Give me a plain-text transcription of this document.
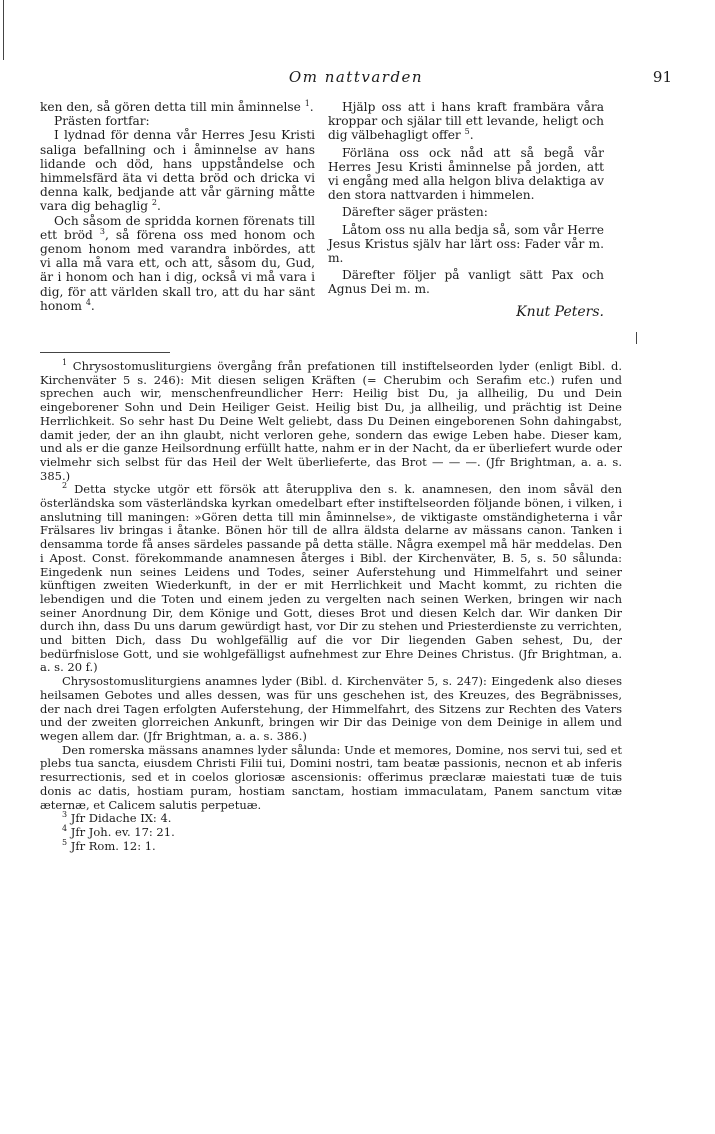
Om nattvarden	91

ken den, så gören detta till min åminnelse $^1$.

Prästen fortfar:

I lydnad för denna vår Herres Jesu Kristi saliga befallning och i åminnelse av hans lidande och död, hans uppståndelse och himmelsfärd äta vi detta bröd och dricka vi denna kalk, bedjande att vår gärning måtte vara dig behaglig $^2$.

Och såsom de spridda kornen förenats till ett bröd $^3$, så förena oss med honom och genom honom med varandra inbördes, att vi alla må vara ett, och att, såsom du, Gud, är i honom och han i dig, också vi må vara i dig, för att världen skall tro, att du har sänt honom $^4$.

Hjälp oss att i hans kraft frambära våra kroppar och själar till ett levande, heligt och dig välbehagligt offer $^5$.

Förläna oss ock nåd att så begå vår Herres Jesu Kristi åminnelse på jorden, att vi engång med alla helgon bliva delaktiga av den stora nattvarden i himmelen.

Därefter säger prästen:

Låtom oss nu alla bedja så, som vår Herre Jesus Kristus själv har lärt oss: Fader vår m. m.

Därefter följer på vanligt sätt Pax och Agnus Dei m. m.

Knut Peters.

$^1$ Chrysostomusliturgiens övergång från prefationen till instiftelseorden lyder (enligt Bibl. d. Kirchenväter 5 s. 246): Mit diesen seligen Kräften (= Cherubim och Serafim etc.) rufen und sprechen auch wir, menschenfreundlicher Herr: Heilig bist Du, ja allheilig, Du und Dein eingeborener Sohn und Dein Heiliger Geist. Heilig bist Du, ja allheilig, und prächtig ist Deine Herrlichkeit. So sehr hast Du Deine Welt geliebt, dass Du Deinen eingeborenen Sohn dahingabst, damit jeder, der an ihn glaubt, nicht verloren gehe, sondern das ewige Leben habe. Dieser kam, und als er die ganze Heilsordnung erfüllt hatte, nahm er in der Nacht, da er überliefert wurde oder vielmehr sich selbst für das Heil der Welt überlieferte, das Brot — — —. (Jfr Brightman, a. a. s. 385.)

$^2$ Detta stycke utgör ett försök att återuppliva den s. k. anamnesen, den inom såväl den österländska som västerländska kyrkan omedelbart efter instiftelseorden följande bönen, i vilken, i anslutning till maningen: »Gören detta till min åminnelse», de viktigaste omständigheterna i vår Frälsares liv bringas i åtanke. Bönen hör till de allra äldsta delarne av mässans canon. Tanken i densamma torde få anses särdeles passande på detta ställe. Några exempel må här meddelas. Den i Apost. Const. förekommande anamnesen återges i Bibl. der Kirchenväter, B. 5, s. 50 sålunda: Eingedenk nun seines Leidens und Todes, seiner Auferstehung und Himmelfahrt und seiner künftigen zweiten Wiederkunft, in der er mit Herrlichkeit und Macht kommt, zu richten die lebendigen und die Toten und einem jeden zu vergelten nach seinen Werken, bringen wir nach seiner Anordnung Dir, dem Könige und Gott, dieses Brot und diesen Kelch dar. Wir danken Dir durch ihn, dass Du uns darum gewürdigt hast, vor Dir zu stehen und Priesterdienste zu verrichten, und bitten Dich, dass Du wohlgefällig auf die vor Dir liegenden Gaben sehest, Du, der bedürfnislose Gott, und sie wohlgefälligst aufnehmest zur Ehre Deines Christus. (Jfr Brightman, a. a. s. 20 f.)

Chrysostomusliturgiens anamnes lyder (Bibl. d. Kirchenväter 5, s. 247): Eingedenk also dieses heilsamen Gebotes und alles dessen, was für uns geschehen ist, des Kreuzes, des Begräbnisses, der nach drei Tagen erfolgten Auferstehung, der Himmelfahrt, des Sitzens zur Rechten des Vaters und der zweiten glorreichen Ankunft, bringen wir Dir das Deinige von dem Deinige in allem und wegen allem dar. (Jfr Brightman, a. a. s. 386.)

Den romerska mässans anamnes lyder sålunda: Unde et memores, Domine, nos servi tui, sed et plebs tua sancta, eiusdem Christi Filii tui, Domini nostri, tam beatæ passionis, necnon et ab inferis resurrectionis, sed et in coelos gloriosæ ascensionis: offerimus præclaræ maiestati tuæ de tuis donis ac datis, hostiam puram, hostiam sanctam, hostiam immaculatam, Panem sanctum vitæ æternæ, et Calicem salutis perpetuæ.

$^3$ Jfr Didache IX: 4.

$^4$ Jfr Joh. ev. 17: 21.

$^5$ Jfr Rom. 12: 1.
